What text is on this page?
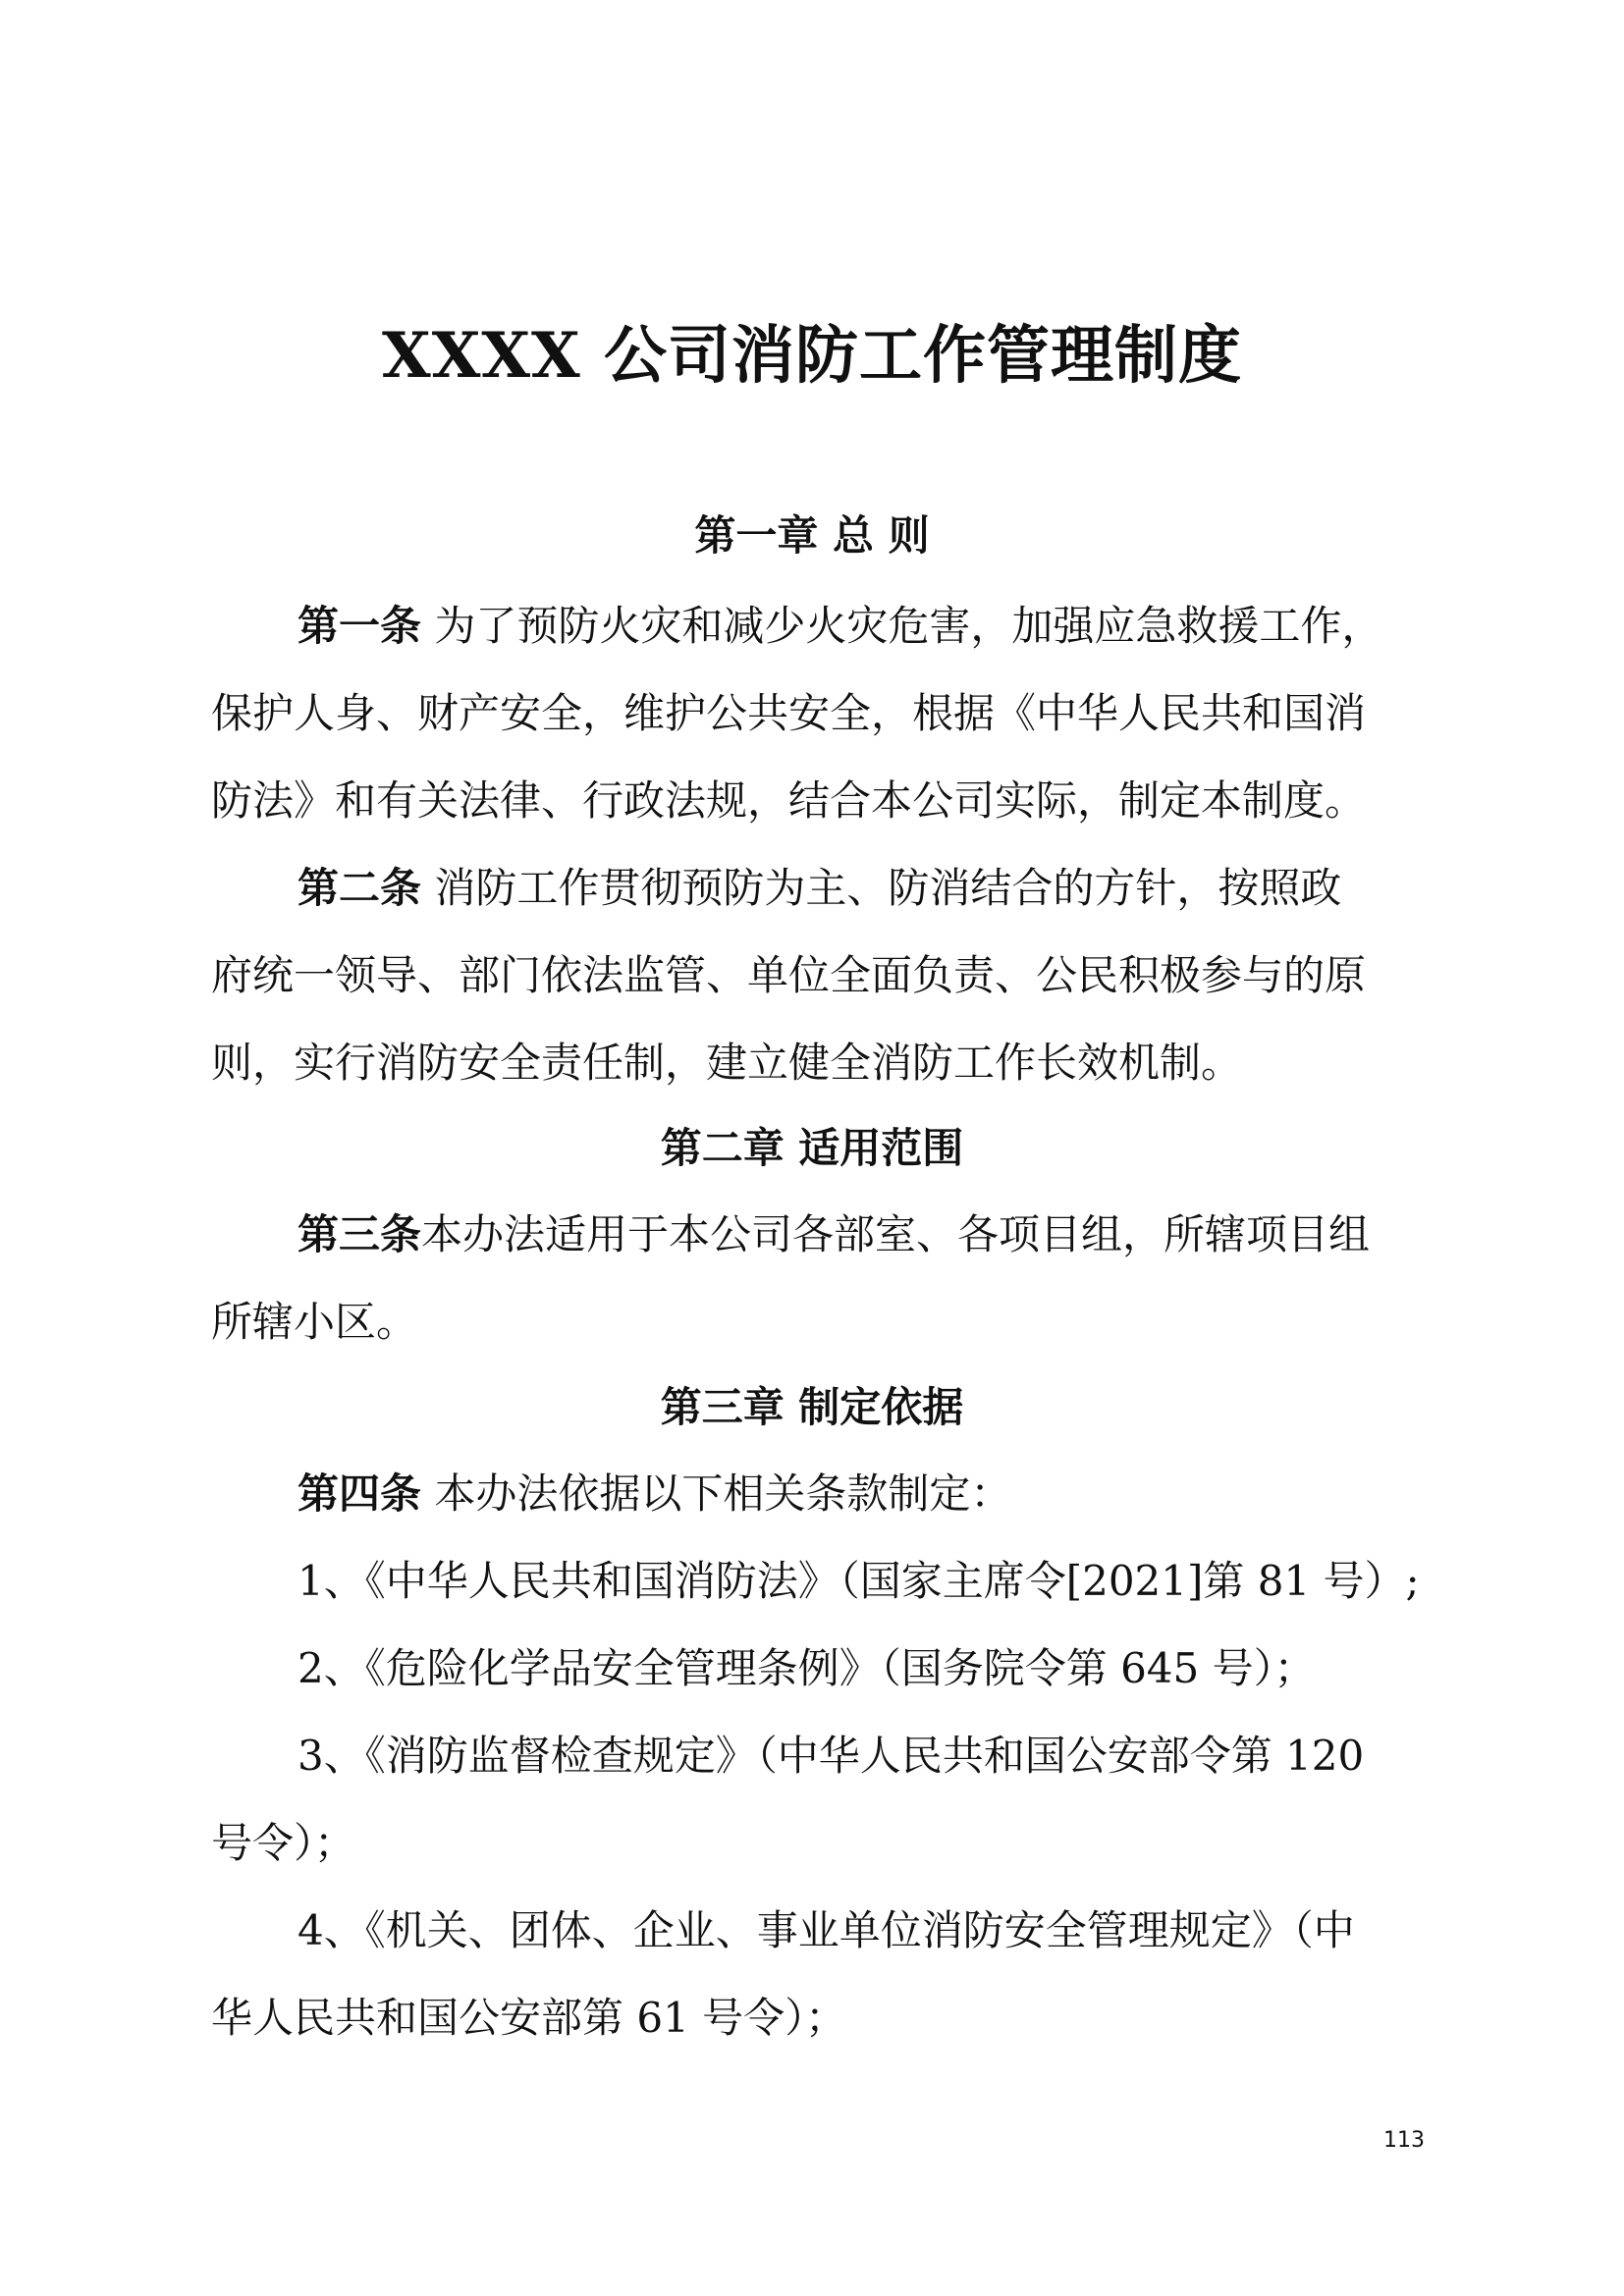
XXXX 公司消防工作管理制度
第一章 总 则
第一条 为了预防火灾和减少火灾危害，加强应急救援工作，
保护人身、财产安全，维护公共安全，根据《中华人民共和国消
防法》和有关法律、行政法规，结合本公司实际，制定本制度。
第二条 消防工作贯彻预防为主、防消结合的方针，按照政
府统一领导、部门依法监管、单位全面负责、公民积极参与的原
则，实行消防安全责任制，建立健全消防工作长效机制。
第二章 适用范围
第三条本办法适用于本公司各部室、各项目组，所辖项目组
所辖小区。
第三章 制定依据
第四条 本办法依据以下相关条款制定：
1、《中华人民共和国消防法》（国家主席令[2021]第 81 号）;
2、《危险化学品安全管理条例》（国务院令第 645 号）；
3、《消防监督检查规定》（中华人民共和国公安部令第 120
号令）；
4、《机关、团体、企业、事业单位消防安全管理规定》（中
华人民共和国公安部第 61 号令）；
113
